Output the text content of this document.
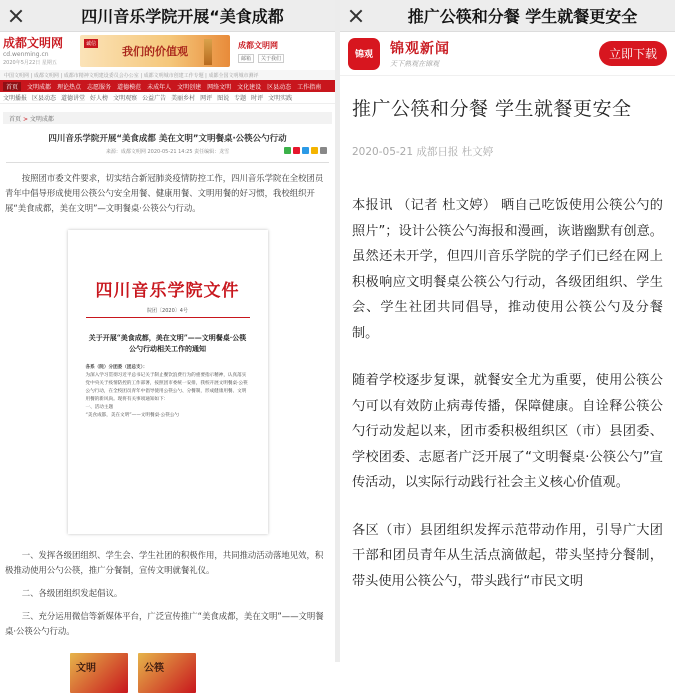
四川音乐学院开展“美食成都
成都文明网
cd.wenming.cn
2020年5月22日 星期五
诚信
我们的价值观	成都文明网
邮箱	关于我们
中国文明网 | 成都文明网 | 成都市精神文明建设委员会办公室 | 成都文明城市创建工作专题 | 成都全国文明城市测评
首页	文明成都 理论热点 志愿服务 道德模范 未成年人 文明创建 网络文明 文化建设 区县动态 工作指南
文明播报 区县动态 道德讲堂 好人榜 文明观察 公益广告 美丽乡村 网评 图说 专题 时评 文明实践
首页 > 文明成都
四川音乐学院开展“美食成都 美在文明”文明餐桌·公筷公勺行动
来源：成都文明网 2020-05-21 14:25 责任编辑：龙雪

按照团市委文件要求，切实结合新冠肺炎疫情防控工作，四川音乐学院在全校团员青年中倡导形成使用公筷公勺安全用餐、健康用餐、文明用餐的好习惯，我校组织开展“美食成都，美在文明”—文明餐桌·公筷公勺行动。

四川音乐学院文件
院团〔2020〕4号
关于开展“美食成都，美在文明”——文明餐桌·公筷公勺行动相关工作的通知
各系（院）分团委（团总支）：
为深入学习贯彻习近平总书记关于制止餐饮浪费行为的重要指示精神，认真落实党中央关于疫情防控的工作部署，按照团市委统一安排，我校开展文明餐桌·公筷公勺行动，在全校团员青年中倡导使用公筷公勺、分餐制，形成健康用餐、文明用餐的新风尚。现将有关事项通知如下：
一、活动主题
“美食成都，美在文明”——文明餐桌·公筷公勺

一、发挥各级团组织、学生会、学生社团的积极作用，共同推动活动落地见效，积极推动使用公勺公筷，推广分餐制，宣传文明就餐礼仪。

二、各级团组织发起倡议。

三、充分运用微信等新媒体平台，广泛宣传推广“美食成都，美在文明”——文明餐桌·公筷公勺行动。

文明	公筷
推广公筷和分餐 学生就餐更安全
锦观	锦观新闻
天下熟观在锦观
立即下载
推广公筷和分餐 学生就餐更安全
2020-05-21 成都日报 杜文婷

本报讯 （记者 杜文婷） 晒自己吃饭使用公筷公勺的照片”；设计公筷公勺海报和漫画，诙谐幽默有创意。虽然还未开学，但四川音乐学院的学子们已经在网上积极响应文明餐桌公筷公勺行动，各级团组织、学生会、学生社团共同倡导，推动使用公筷公勺及分餐制。

随着学校逐步复课，就餐安全尤为重要，使用公筷公勺可以有效防止病毒传播，保障健康。自诠释公筷公勺行动发起以来，团市委积极组织区（市）县团委、学校团委、志愿者广泛开展了“文明餐桌·公筷公勺”宣传活动，以实际行动践行社会主义核心价值观。

各区（市）县团组织发挥示范带动作用，引导广大团干部和团员青年从生活点滴做起，带头坚持分餐制，带头使用公筷公勺，带头践行“市民文明
